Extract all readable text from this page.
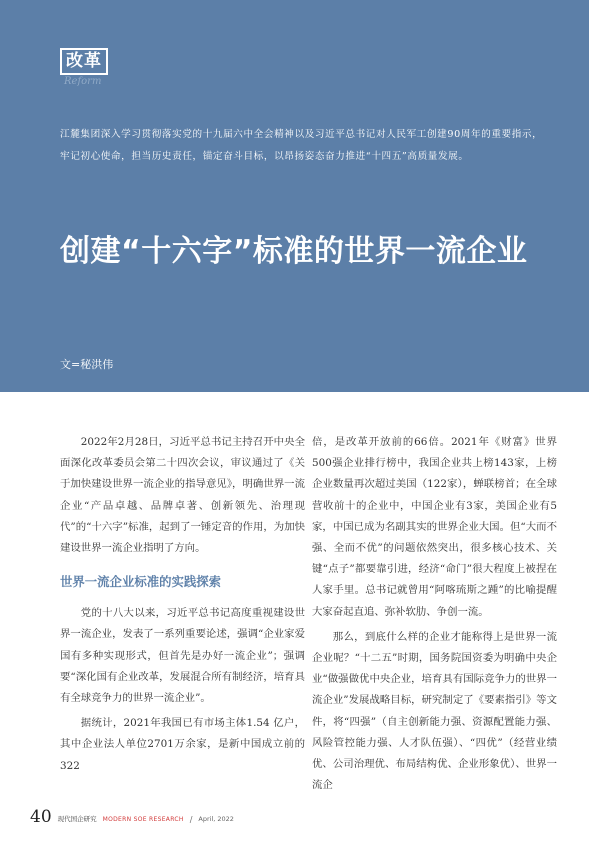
改革
Reform
江麓集团深入学习贯彻落实党的十九届六中全会精神以及习近平总书记对人民军工创建90周年的重要指示，牢记初心使命，担当历史责任，锚定奋斗目标，以昂扬姿态奋力推进“十四五”高质量发展。
创建“十六字”标准的世界一流企业
文=秘洪伟

2022年2月28日，习近平总书记主持召开中央全面深化改革委员会第二十四次会议，审议通过了《关于加快建设世界一流企业的指导意见》，明确世界一流企业“产品卓越、品牌卓著、创新领先、治理现代”的“十六字”标准，起到了一锤定音的作用，为加快建设世界一流企业指明了方向。

世界一流企业标准的实践探索

党的十八大以来，习近平总书记高度重视建设世界一流企业，发表了一系列重要论述，强调“企业家爱国有多种实现形式，但首先是办好一流企业”；强调要“深化国有企业改革，发展混合所有制经济，培育具有全球竞争力的世界一流企业”。

据统计，2021年我国已有市场主体1.54 亿户，其中企业法人单位2701万余家，是新中国成立前的322

倍，是改革开放前的66倍。2021年《财富》世界500强企业排行榜中，我国企业共上榜143家，上榜企业数量再次超过美国（122家），蝉联榜首；在全球营收前十的企业中，中国企业有3家，美国企业有5家，中国已成为名副其实的世界企业大国。但“大而不强、全而不优”的问题依然突出，很多核心技术、关键“点子”都要靠引进，经济“命门”很大程度上被捏在人家手里。总书记就曾用“阿喀琉斯之踵”的比喻提醒大家奋起直追、弥补软肋、争创一流。

那么，到底什么样的企业才能称得上是世界一流企业呢？“十二五”时期，国务院国资委为明确中央企业“做强做优中央企业，培育具有国际竞争力的世界一流企业”发展战略目标，研究制定了《要素指引》等文件，将“四强”（自主创新能力强、资源配置能力强、风险管控能力强、人才队伍强）、“四优”（经营业绩优、公司治理优、布局结构优、企业形象优）、世界一流企

40 现代国企研究 MODERN SOE RESEARCH / April, 2022
